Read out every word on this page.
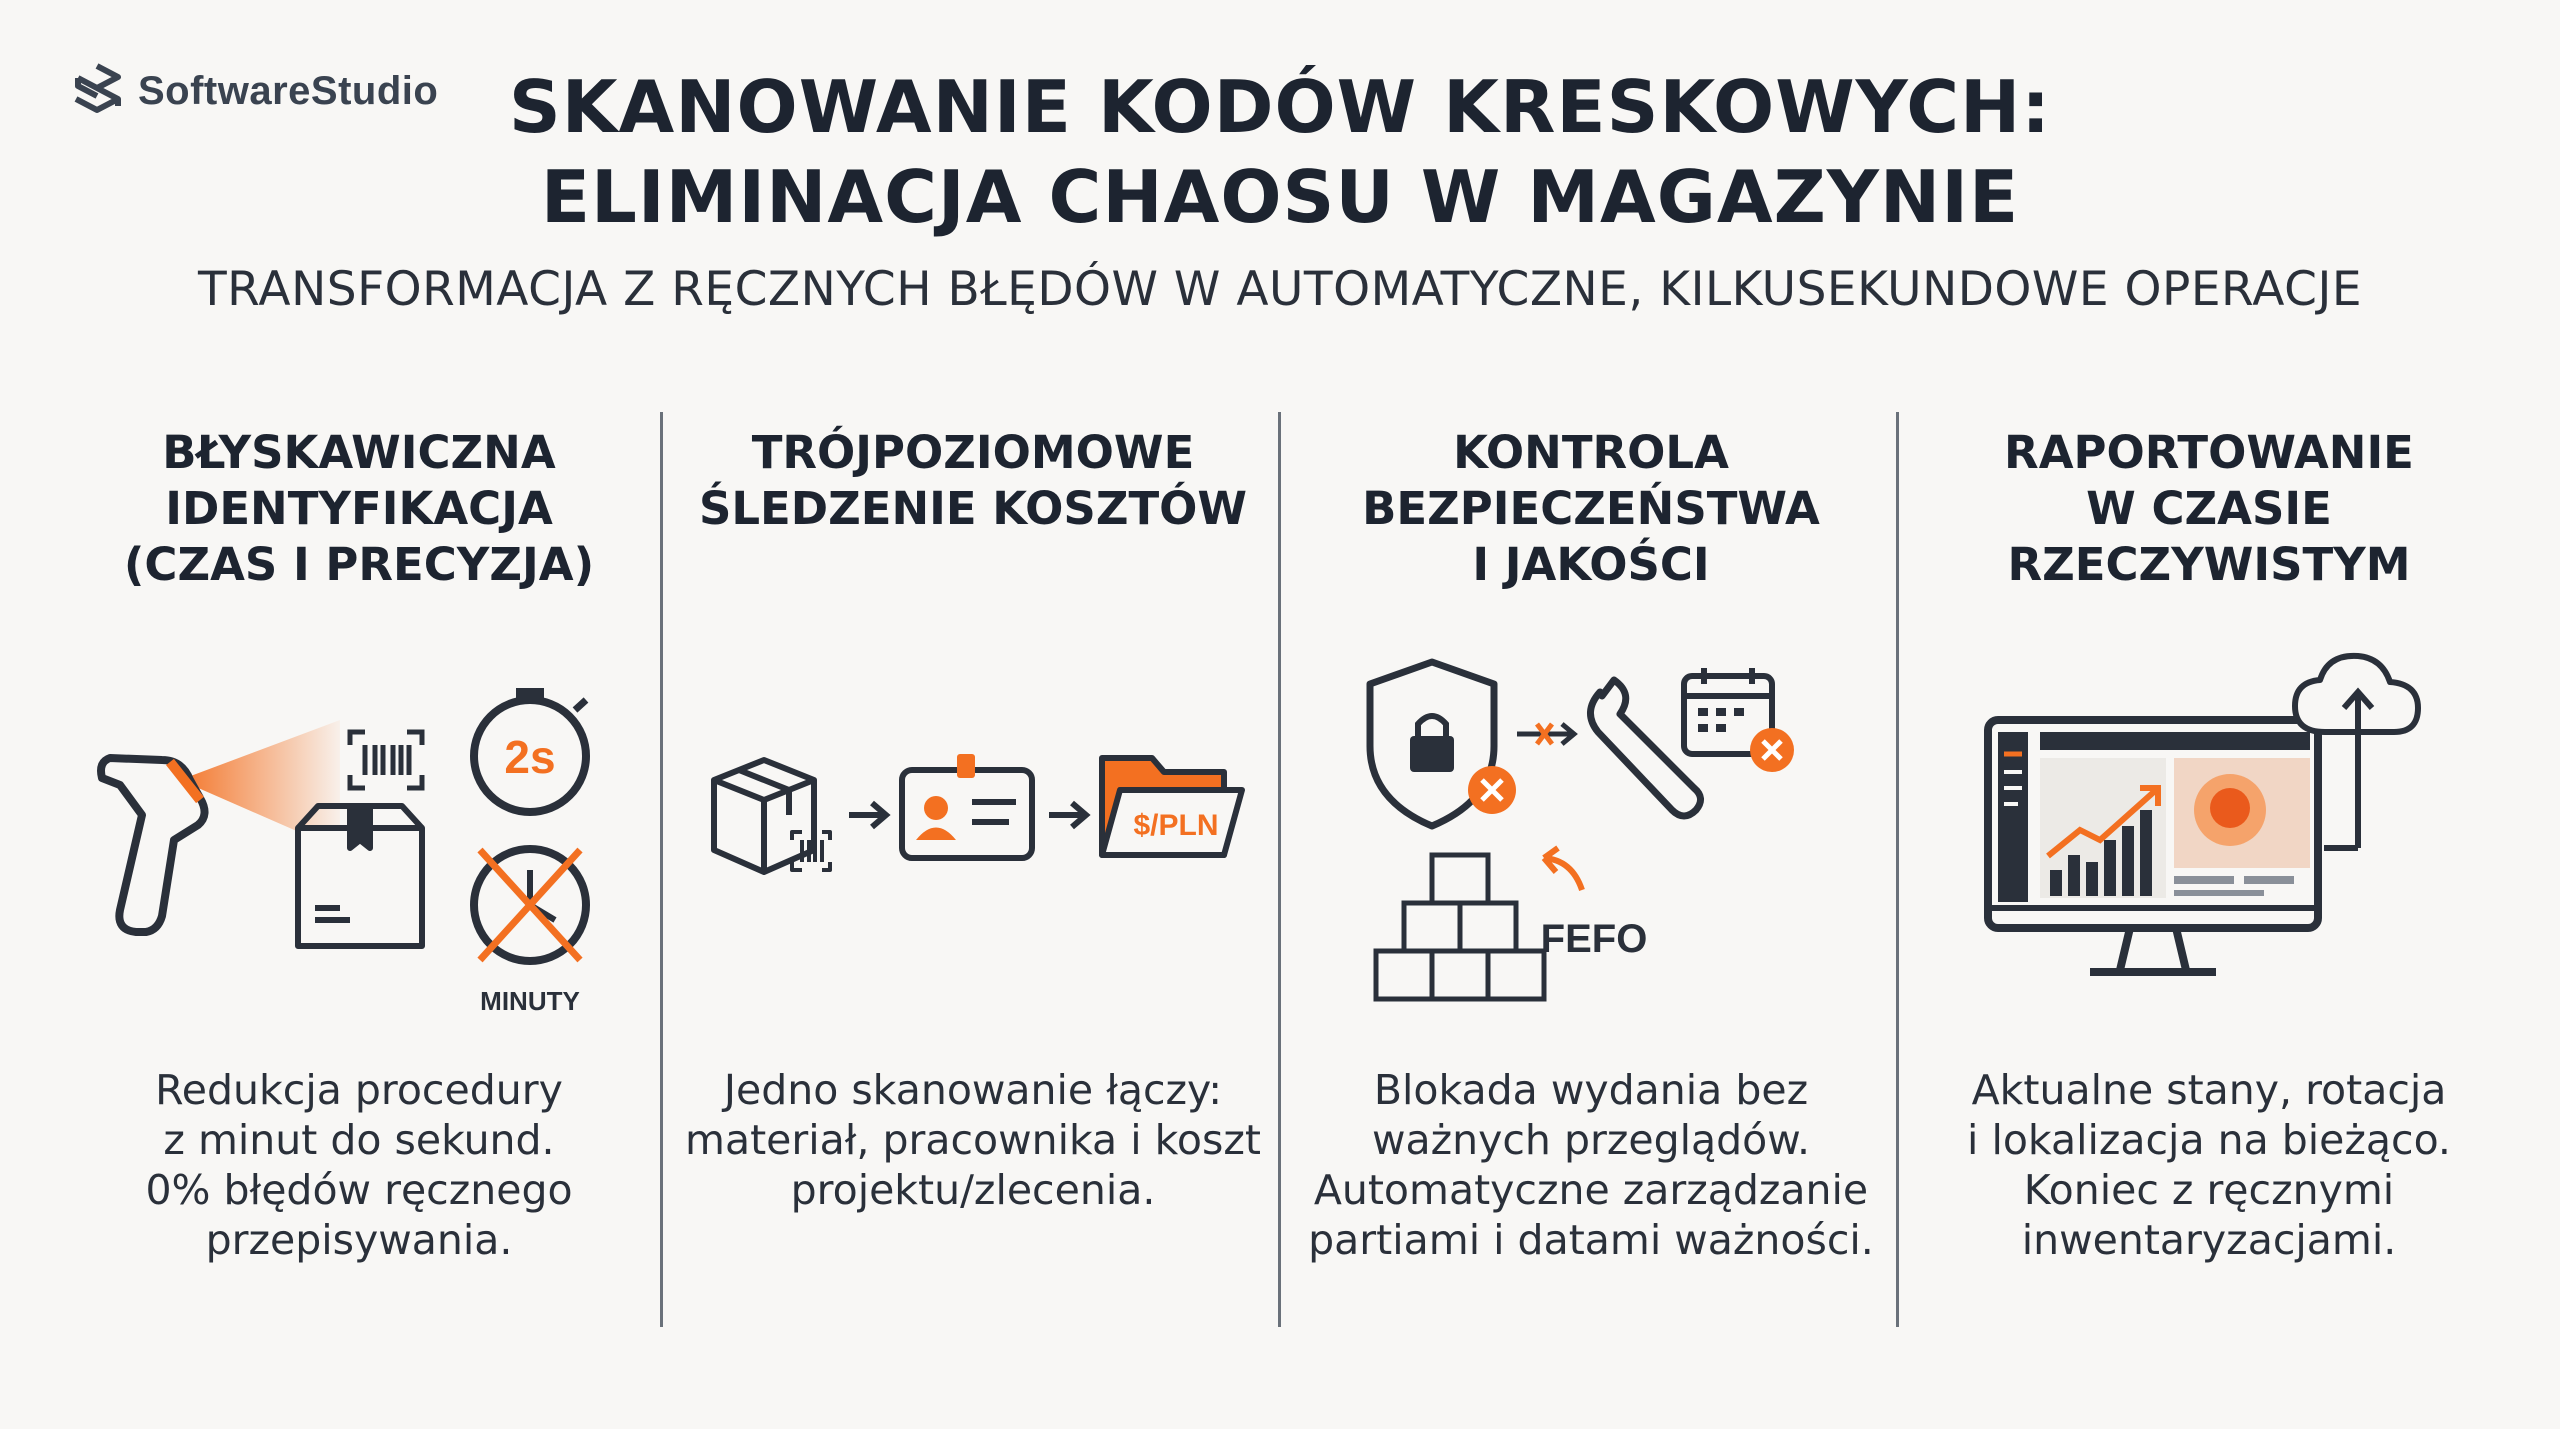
SoftwareStudio SKANOWANIE KODÓW KRESKOWYCH:
ELIMINACJA CHAOSU W MAGAZYNIE
TRANSFORMACJA Z RĘCZNYCH BŁĘDÓW W AUTOMATYCZNE, KILKUSEKUNDOWE OPERACJE
BŁYSKAWICZNA
IDENTYFIKACJA
(CZAS I PRECYZJA)
2s
MINUTY
Redukcja procedury
z minut do sekund.
0% błędów ręcznego
przepisywania.
TRÓJPOZIOMOWE
ŚLEDZENIE KOSZTÓW
$/PLN
Jedno skanowanie łączy:
materiał, pracownika i koszt
projektu/zlecenia.
KONTROLA
BEZPIECZEŃSTWA
I JAKOŚCI
FEFO
Blokada wydania bez
ważnych przeglądów.
Automatyczne zarządzanie
partiami i datami ważności.
RAPORTOWANIE
W CZASIE
RZECZYWISTYM
Aktualne stany, rotacja
i lokalizacja na bieżąco.
Koniec z ręcznymi
inwentaryzacjami.
